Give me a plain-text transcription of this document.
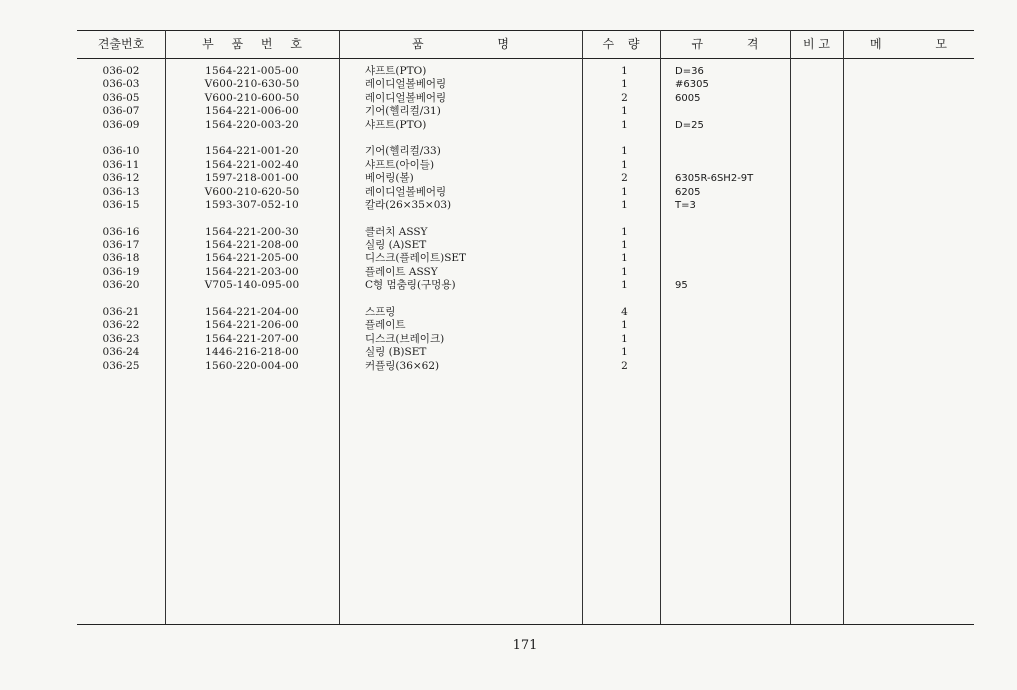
견출번호	부 품 번 호	품 명	수 량	규 격	비 고	메 모
036-02	1564-221-005-00	샤프트(PTO)	1	D=36
036-03	V600-210-630-50	레이디얼볼베어링	1	#6305
036-05	V600-210-600-50	레이디얼볼베어링	2	6005
036-07	1564-221-006-00	기어(헬리컬/31)	1
036-09	1564-220-003-20	샤프트(PTO)	1	D=25
036-10	1564-221-001-20	기어(헬리컬/33)	1
036-11	1564-221-002-40	샤프트(아이들)	1
036-12	1597-218-001-00	베어링(볼)	2	6305R-6SH2-9T
036-13	V600-210-620-50	레이디얼볼베어링	1	6205
036-15	1593-307-052-10	칼라(26×35×03)	1	T=3
036-16	1564-221-200-30	클러치 ASSY	1
036-17	1564-221-208-00	실링 (A)SET	1
036-18	1564-221-205-00	디스크(플레이트)SET	1
036-19	1564-221-203-00	플레이트 ASSY	1
036-20	V705-140-095-00	C형 멈춤링(구멍용)	1	95
036-21	1564-221-204-00	스프링	4
036-22	1564-221-206-00	플레이트	1
036-23	1564-221-207-00	디스크(브레이크)	1
036-24	1446-216-218-00	실링 (B)SET	1
036-25	1560-220-004-00	커플링(36×62)	2
171
